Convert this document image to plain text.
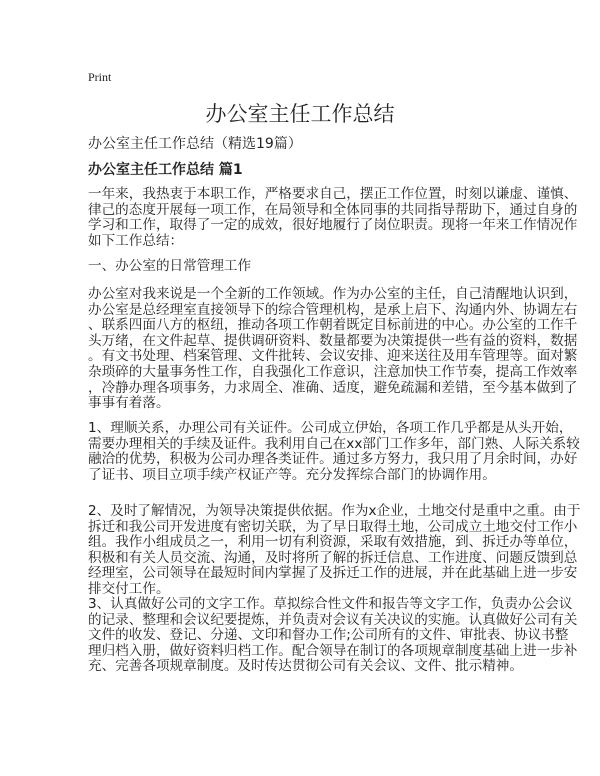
Print
办公室主任工作总结
办公室主任工作总结（精选19篇）
办公室主任工作总结 篇1
一年来，我热衷于本职工作，严格要求自己，摆正工作位置，时刻以谦虚、谨慎、
律己的态度开展每一项工作，在局领导和全体同事的共同指导帮助下，通过自身的
学习和工作，取得了一定的成效，很好地履行了岗位职责。现将一年来工作情况作
如下工作总结：
一、办公室的日常管理工作
办公室对我来说是一个全新的工作领域。作为办公室的主任，自己清醒地认识到，
办公室是总经理室直接领导下的综合管理机构，是承上启下、沟通内外、协调左右
、联系四面八方的枢纽，推动各项工作朝着既定目标前进的中心。办公室的工作千
头万绪，在文件起草、提供调研资料、数量都要为决策提供一些有益的资料，数据
。有文书处理、档案管理、文件批转、会议安排、迎来送往及用车管理等。面对繁
杂琐碎的大量事务性工作，自我强化工作意识，注意加快工作节奏，提高工作效率
，冷静办理各项事务，力求周全、准确、适度，避免疏漏和差错，至今基本做到了
事事有着落。
1、理顺关系，办理公司有关证件。公司成立伊始，各项工作几乎都是从头开始，
需要办理相关的手续及证件。我利用自己在xx部门工作多年，部门熟、人际关系较
融洽的优势，积极为公司办理各类证件。通过多方努力，我只用了月余时间，办好
了证书、项目立项手续产权证产等。充分发挥综合部门的协调作用。
2、及时了解情况，为领导决策提供依据。作为x企业，土地交付是重中之重。由于
拆迁和我公司开发进度有密切关联，为了早日取得土地，公司成立土地交付工作小
组。我作小组成员之一，利用一切有利资源，采取有效措施，到、拆迁办等单位，
积极和有关人员交流、沟通，及时将所了解的拆迁信息、工作进度、问题反馈到总
经理室，公司领导在最短时间内掌握了及拆迁工作的进展，并在此基础上进一步安
排交付工作。
3、认真做好公司的文字工作。草拟综合性文件和报告等文字工作，负责办公会议
的记录、整理和会议纪要提炼，并负责对会议有关决议的实施。认真做好公司有关
文件的收发、登记、分递、文印和督办工作;公司所有的文件、审批表、协议书整
理归档入册，做好资料归档工作。配合领导在制订的各项规章制度基础上进一步补
充、完善各项规章制度。及时传达贯彻公司有关会议、文件、批示精神。
